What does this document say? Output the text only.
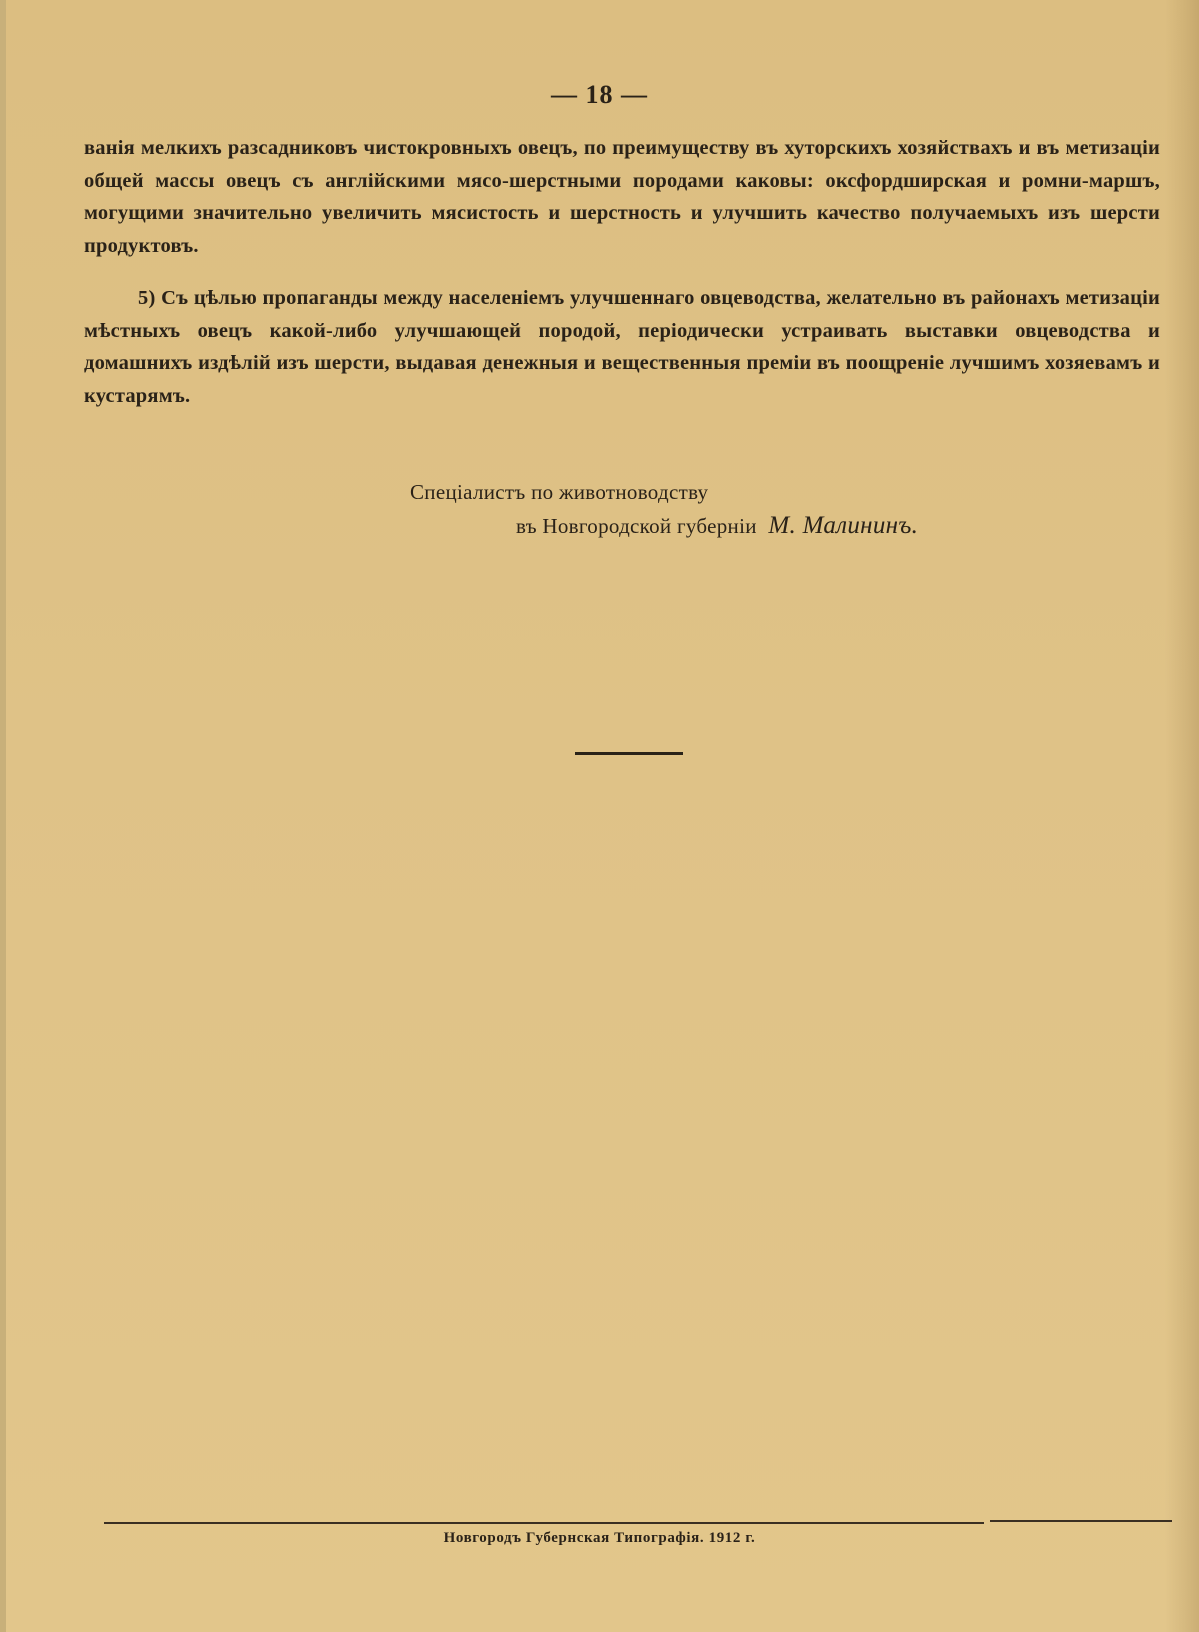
— 18 —

ванія мелкихъ разсадниковъ чистокровныхъ овецъ, по преимуществу въ хуторскихъ хозяйствахъ и въ метизаціи общей массы овецъ съ англійскими мясо-шерстными породами каковы: оксфордширская и ромни-маршъ, могущими значительно увеличить мясистость и шерстность и улучшить качество получаемыхъ изъ шерсти продуктовъ.

5) Съ цѣлью пропаганды между населеніемъ улучшеннаго овцеводства, желательно въ районахъ метизаціи мѣстныхъ овецъ какой-либо улучшающей породой, періодически устраивать выставки овцеводства и домашнихъ издѣлій изъ шерсти, выдавая денежныя и вещественныя преміи въ поощреніе лучшимъ хозяевамъ и кустарямъ.

Спеціалистъ по животноводству
въ Новгородской губерніи М. Малининъ.
Новгородъ Губернская Типографія. 1912 г.
